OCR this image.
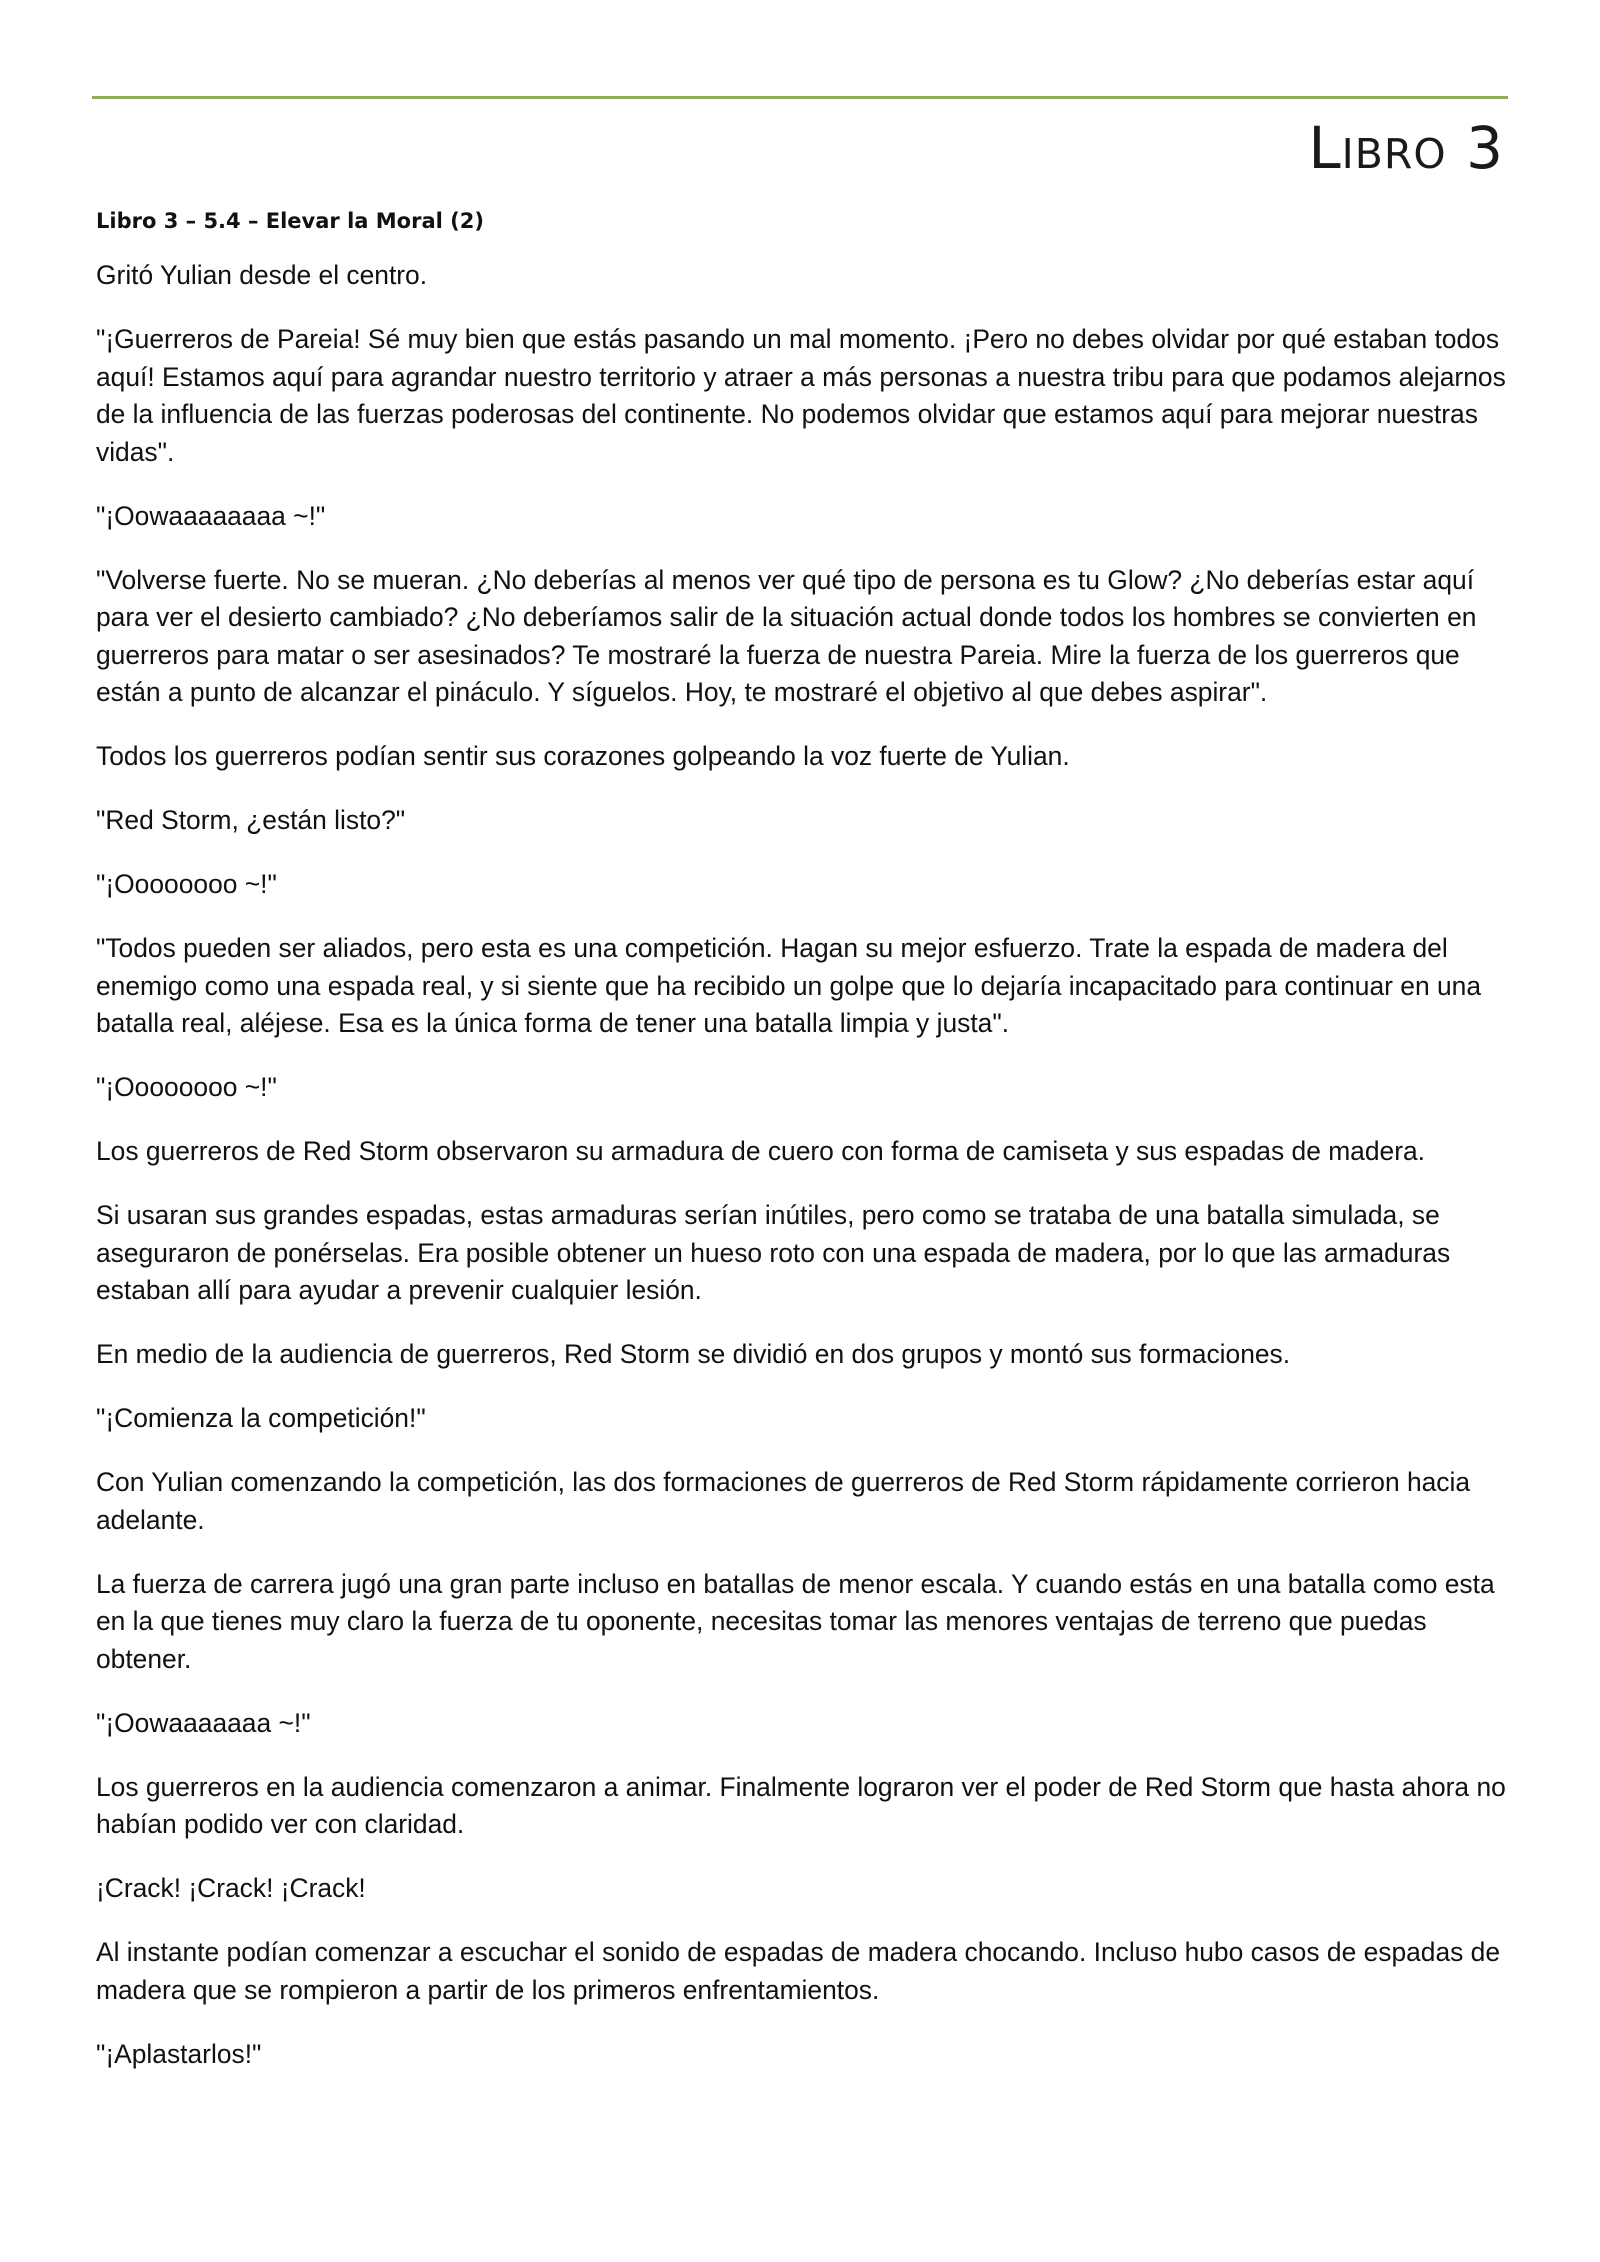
Libro 3

Libro 3 – 5.4 – Elevar la Moral (2)

Gritó Yulian desde el centro.

"¡Guerreros de Pareia! Sé muy bien que estás pasando un mal momento. ¡Pero no debes olvidar por qué estaban todos aquí! Estamos aquí para agrandar nuestro territorio y atraer a más personas a nuestra tribu para que podamos alejarnos de la influencia de las fuerzas poderosas del continente. No podemos olvidar que estamos aquí para mejorar nuestras vidas".

"¡Oowaaaaaaaa ~!"

"Volverse fuerte. No se mueran. ¿No deberías al menos ver qué tipo de persona es tu Glow? ¿No deberías estar aquí para ver el desierto cambiado? ¿No deberíamos salir de la situación actual donde todos los hombres se convierten en guerreros para matar o ser asesinados? Te mostraré la fuerza de nuestra Pareia. Mire la fuerza de los guerreros que están a punto de alcanzar el pináculo. Y síguelos. Hoy, te mostraré el objetivo al que debes aspirar".

Todos los guerreros podían sentir sus corazones golpeando la voz fuerte de Yulian.

"Red Storm, ¿están listo?"

"¡Oooooooo ~!"

"Todos pueden ser aliados, pero esta es una competición. Hagan su mejor esfuerzo. Trate la espada de madera del enemigo como una espada real, y si siente que ha recibido un golpe que lo dejaría incapacitado para continuar en una batalla real, aléjese. Esa es la única forma de tener una batalla limpia y justa".

"¡Oooooooo ~!"

Los guerreros de Red Storm observaron su armadura de cuero con forma de camiseta y sus espadas de madera.

Si usaran sus grandes espadas, estas armaduras serían inútiles, pero como se trataba de una batalla simulada, se aseguraron de ponérselas. Era posible obtener un hueso roto con una espada de madera, por lo que las armaduras estaban allí para ayudar a prevenir cualquier lesión.

En medio de la audiencia de guerreros, Red Storm se dividió en dos grupos y montó sus formaciones.

"¡Comienza la competición!"

Con Yulian comenzando la competición, las dos formaciones de guerreros de Red Storm rápidamente corrieron hacia adelante.

La fuerza de carrera jugó una gran parte incluso en batallas de menor escala. Y cuando estás en una batalla como esta en la que tienes muy claro la fuerza de tu oponente, necesitas tomar las menores ventajas de terreno que puedas obtener.

"¡Oowaaaaaaa ~!"

Los guerreros en la audiencia comenzaron a animar. Finalmente lograron ver el poder de Red Storm que hasta ahora no habían podido ver con claridad.

¡Crack! ¡Crack! ¡Crack!

Al instante podían comenzar a escuchar el sonido de espadas de madera chocando. Incluso hubo casos de espadas de madera que se rompieron a partir de los primeros enfrentamientos.

"¡Aplastarlos!"
